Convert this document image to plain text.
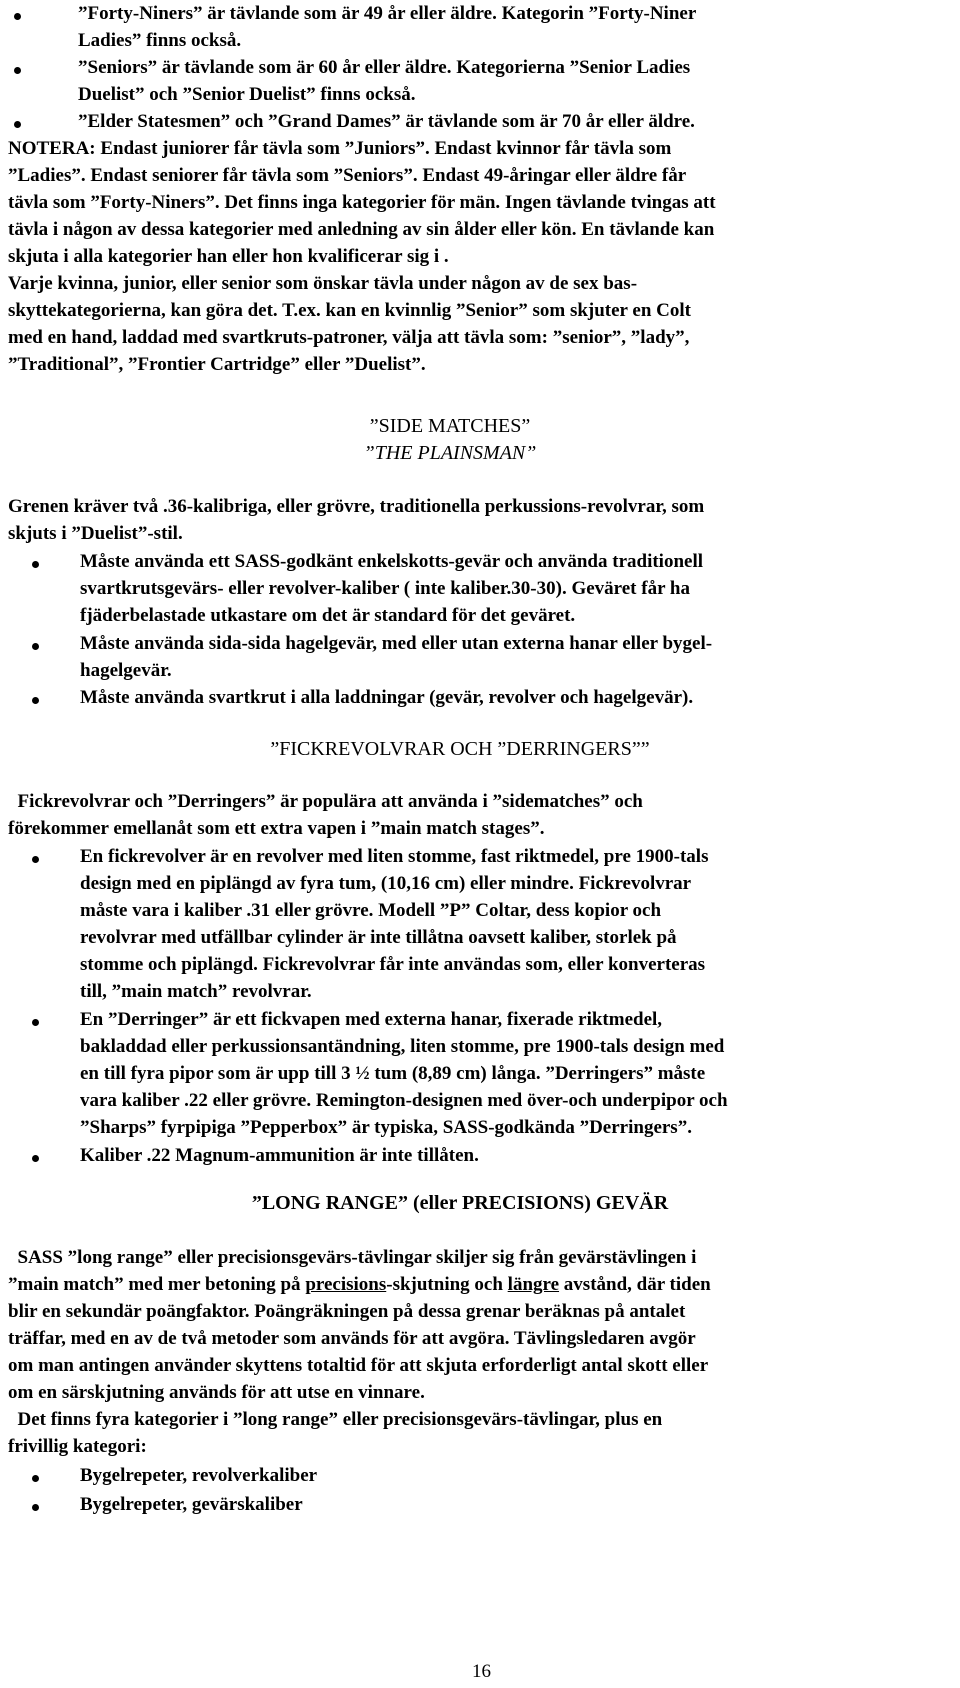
”Forty-Niners” är tävlande som är 49 år eller äldre. Kategorin ”Forty-Niner
Ladies” finns också.
”Seniors” är tävlande som är 60 år eller äldre. Kategorierna ”Senior Ladies
Duelist” och ”Senior Duelist” finns också.
”Elder Statesmen” och ”Grand Dames” är tävlande som är 70 år eller äldre.
NOTERA: Endast juniorer får tävla som ”Juniors”. Endast kvinnor får tävla som
”Ladies”. Endast seniorer får tävla som ”Seniors”. Endast 49-åringar eller äldre får
tävla som ”Forty-Niners”. Det finns inga kategorier för män. Ingen tävlande tvingas att
tävla i någon av dessa kategorier med anledning av sin ålder eller kön. En tävlande kan
skjuta i alla kategorier han eller hon kvalificerar sig i .
Varje kvinna, junior, eller senior som önskar tävla under någon av de sex bas-
skyttekategorierna, kan göra det. T.ex. kan en kvinnlig ”Senior” som skjuter en Colt
med en hand, laddad med svartkruts-patroner, välja att tävla som: ”senior”, ”lady”,
”Traditional”, ”Frontier Cartridge” eller ”Duelist”.
”SIDE MATCHES”
”THE PLAINSMAN”
Grenen kräver två .36-kalibriga, eller grövre, traditionella perkussions-revolvrar, som
skjuts i ”Duelist”-stil.
Måste använda ett SASS-godkänt enkelskotts-gevär och använda traditionell
svartkrutsgevärs- eller revolver-kaliber ( inte kaliber.30-30). Geväret får ha
fjäderbelastade utkastare om det är standard för det geväret.
Måste använda sida-sida hagelgevär, med eller utan externa hanar eller bygel-
hagelgevär.
Måste använda svartkrut i alla laddningar (gevär, revolver och hagelgevär).
”FICKREVOLVRAR OCH ”DERRINGERS””
Fickrevolvrar och ”Derringers” är populära att använda i ”sidematches” och
förekommer emellanåt som ett extra vapen i ”main match stages”.
En fickrevolver är en revolver med liten stomme, fast riktmedel, pre 1900-tals
design med en piplängd av fyra tum, (10,16 cm) eller mindre. Fickrevolvrar
måste vara i kaliber .31 eller grövre. Modell ”P” Coltar, dess kopior och
revolvrar med utfällbar cylinder är inte tillåtna oavsett kaliber, storlek på
stomme och piplängd. Fickrevolvrar får inte användas som, eller konverteras
till, ”main match” revolvrar.
En ”Derringer” är ett fickvapen med externa hanar, fixerade riktmedel,
bakladdad eller perkussionsantändning, liten stomme, pre 1900-tals design med
en till fyra pipor som är upp till 3 ½ tum (8,89 cm) långa. ”Derringers” måste
vara kaliber .22 eller grövre. Remington-designen med över-och underpipor och
”Sharps” fyrpipiga ”Pepperbox” är typiska, SASS-godkända ”Derringers”.
Kaliber .22 Magnum-ammunition är inte tillåten.
”LONG RANGE” (eller PRECISIONS) GEVÄR
SASS ”long range” eller precisionsgevärs-tävlingar skiljer sig från gevärstävlingen i
”main match” med mer betoning på precisions-skjutning och längre avstånd, där tiden
blir en sekundär poängfaktor. Poängräkningen på dessa grenar beräknas på antalet
träffar, med en av de två metoder som används för att avgöra. Tävlingsledaren avgör
om man antingen använder skyttens totaltid för att skjuta erforderligt antal skott eller
om en särskjutning används för att utse en vinnare.
Det finns fyra kategorier i ”long range” eller precisionsgevärs-tävlingar, plus en
frivillig kategori:
Bygelrepeter, revolverkaliber
Bygelrepeter, gevärskaliber
16
